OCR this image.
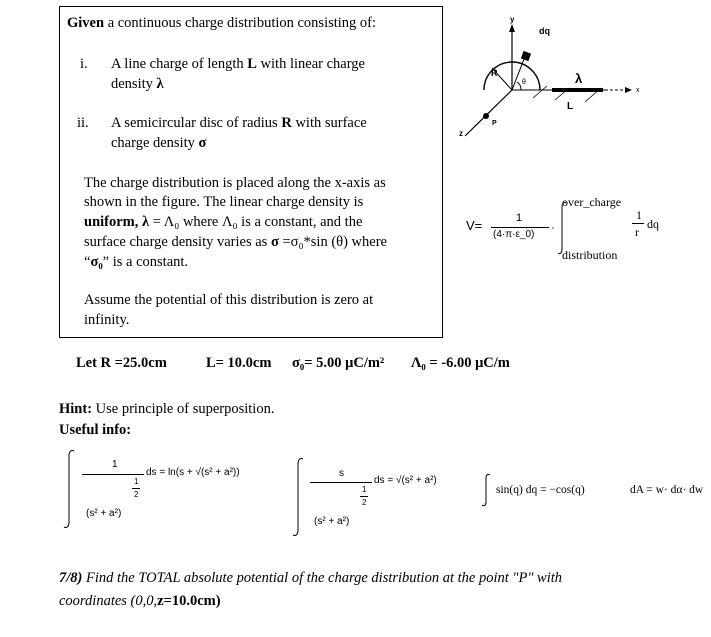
Given a continuous charge distribution consisting of:
i. A line charge of length L with linear charge
density λ
ii. A semicircular disc of radius R with surface
charge density σ
The charge distribution is placed along the x-axis as
shown in the figure. The linear charge density is
uniform, λ = Λ₀ where Λ₀ is a constant, and the
surface charge density varies as σ =σ₀*sin (θ) where
“σ₀” is a constant.
Assume the potential of this distribution is zero at
infinity.
y
dq
R
θ	λ
L
x
z
P
V=	1
(4·π·ε_0)
·
over_charge
distribution
1
r
dq
Let R =25.0cm	L= 10.0cm σ₀= 5.00 μC/m² Λ₀ = -6.00 μC/m
Hint: Use principle of superposition.
Useful info:
1
(s² + a²)
1
2
ds = ln(s + √(s² + a²))	s
(s² + a²)
1
2
ds = √(s² + a²)
sin(q) dq = −cos(q)	dA = w· dα· dw
7/8) Find the TOTAL absolute potential of the charge distribution at the point "P" with
coordinates (0,0,z=10.0cm)
